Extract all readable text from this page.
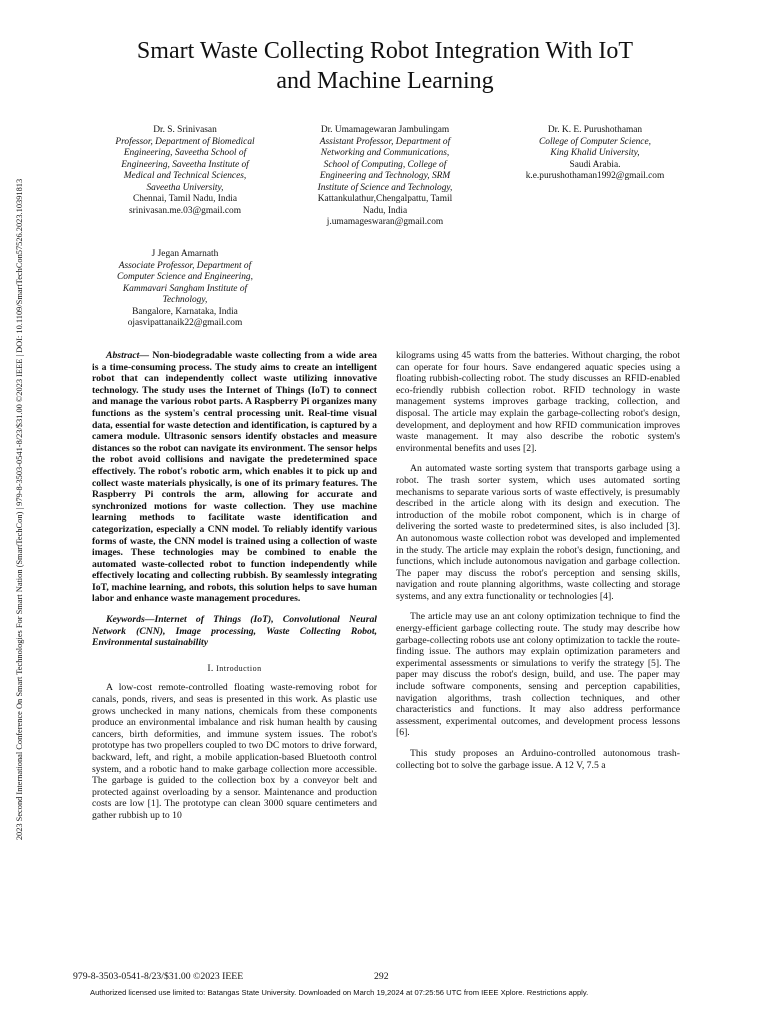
2023 Second International Conference On Smart Technologies For Smart Nation (SmartTechCon) | 979-8-3503-0541-8/23/$31.00 ©2023 IEEE | DOI: 10.1109/SmartTechCon57526.2023.10391813
Smart Waste Collecting Robot Integration With IoT
and Machine Learning
Dr. S. Srinivasan
Professor, Department of Biomedical
Engineering, Saveetha School of
Engineering, Saveetha Institute of
Medical and Technical Sciences,
Saveetha University,
Chennai, Tamil Nadu, India
srinivasan.me.03@gmail.com
Dr. Umamagewaran Jambulingam
Assistant Professor, Department of
Networking and Communications,
School of Computing, College of
Engineering and Technology, SRM
Institute of Science and Technology,
Kattankulathur,Chengalpattu, Tamil
Nadu, India
j.umamageswaran@gmail.com
Dr. K. E. Purushothaman
College of Computer Science,
King Khalid University,
Saudi Arabia.
k.e.purushothaman1992@gmail.com
J Jegan Amarnath
Associate Professor, Department of
Computer Science and Engineering,
Kammavari Sangham Institute of
Technology,
Bangalore, Karnataka, India
ojasvipattanaik22@gmail.com

Abstract— Non-biodegradable waste collecting from a wide area is a time-consuming process. The study aims to create an intelligent robot that can independently collect waste utilizing innovative technology. The study uses the Internet of Things (IoT) to connect and manage the various robot parts. A Raspberry Pi organizes many functions as the system's central processing unit. Real-time visual data, essential for waste detection and identification, is captured by a camera module. Ultrasonic sensors identify obstacles and measure distances so the robot can navigate its environment. The sensor helps the robot avoid collisions and navigate the predetermined space effectively. The robot's robotic arm, which enables it to pick up and collect waste materials physically, is one of its primary features. The Raspberry Pi controls the arm, allowing for accurate and synchronized motions for waste collection. They use machine learning methods to facilitate waste identification and categorization, especially a CNN model. To reliably identify various forms of waste, the CNN model is trained using a collection of waste images. These technologies may be combined to enable the automated waste-collected robot to function independently while effectively locating and collecting rubbish. By seamlessly integrating IoT, machine learning, and robots, this solution helps to save human labor and enhance waste management procedures.

Keywords—Internet of Things (IoT), Convolutional Neural Network (CNN), Image processing, Waste Collecting Robot, Environmental sustainability

I. Introduction

A low-cost remote-controlled floating waste-removing robot for canals, ponds, rivers, and seas is presented in this work. As plastic use grows unchecked in many nations, chemicals from these components produce an environmental imbalance and risk human health by causing cancers, birth deformities, and immune system issues. The robot's prototype has two propellers coupled to two DC motors to drive forward, backward, left, and right, a mobile application-based Bluetooth control system, and a robotic hand to make garbage collection more accessible. The garbage is guided to the collection box by a conveyor belt and protected against overloading by a sensor. Maintenance and production costs are low [1]. The prototype can clean 3000 square centimeters and gather rubbish up to 10

kilograms using 45 watts from the batteries. Without charging, the robot can operate for four hours. Save endangered aquatic species using a floating rubbish-collecting robot. The study discusses an RFID-enabled eco-friendly rubbish collection robot. RFID technology in waste management systems improves garbage tracking, collection, and disposal. The article may explain the garbage-collecting robot's design, development, and deployment and how RFID communication improves waste management. It may also describe the robotic system's environmental benefits and uses [2].

An automated waste sorting system that transports garbage using a robot. The trash sorter system, which uses automated sorting mechanisms to separate various sorts of waste effectively, is presumably described in the article along with its design and execution. The introduction of the mobile robot component, which is in charge of delivering the sorted waste to predetermined sites, is also included [3]. An autonomous waste collection robot was developed and implemented in the study. The article may explain the robot's design, functioning, and functions, which include autonomous navigation and garbage collection. The paper may discuss the robot's perception and sensing skills, navigation and route planning algorithms, waste collecting and storage systems, and any extra functionality or technologies [4].

The article may use an ant colony optimization technique to find the energy-efficient garbage collecting route. The study may describe how garbage-collecting robots use ant colony optimization to tackle the route-finding issue. The authors may explain optimization parameters and experimental assessments or simulations to verify the strategy [5]. The paper may discuss the robot's design, build, and use. The paper may include software components, sensing and perception capabilities, navigation algorithms, trash collection techniques, and other characteristics and functions. It may also address performance assessment, experimental outcomes, and development process lessons [6].

This study proposes an Arduino-controlled autonomous trash-collecting bot to solve the garbage issue. A 12 V, 7.5 a

979-8-3503-0541-8/23/$31.00 ©2023 IEEE	292
Authorized licensed use limited to: Batangas State University. Downloaded on March 19,2024 at 07:25:56 UTC from IEEE Xplore. Restrictions apply.
